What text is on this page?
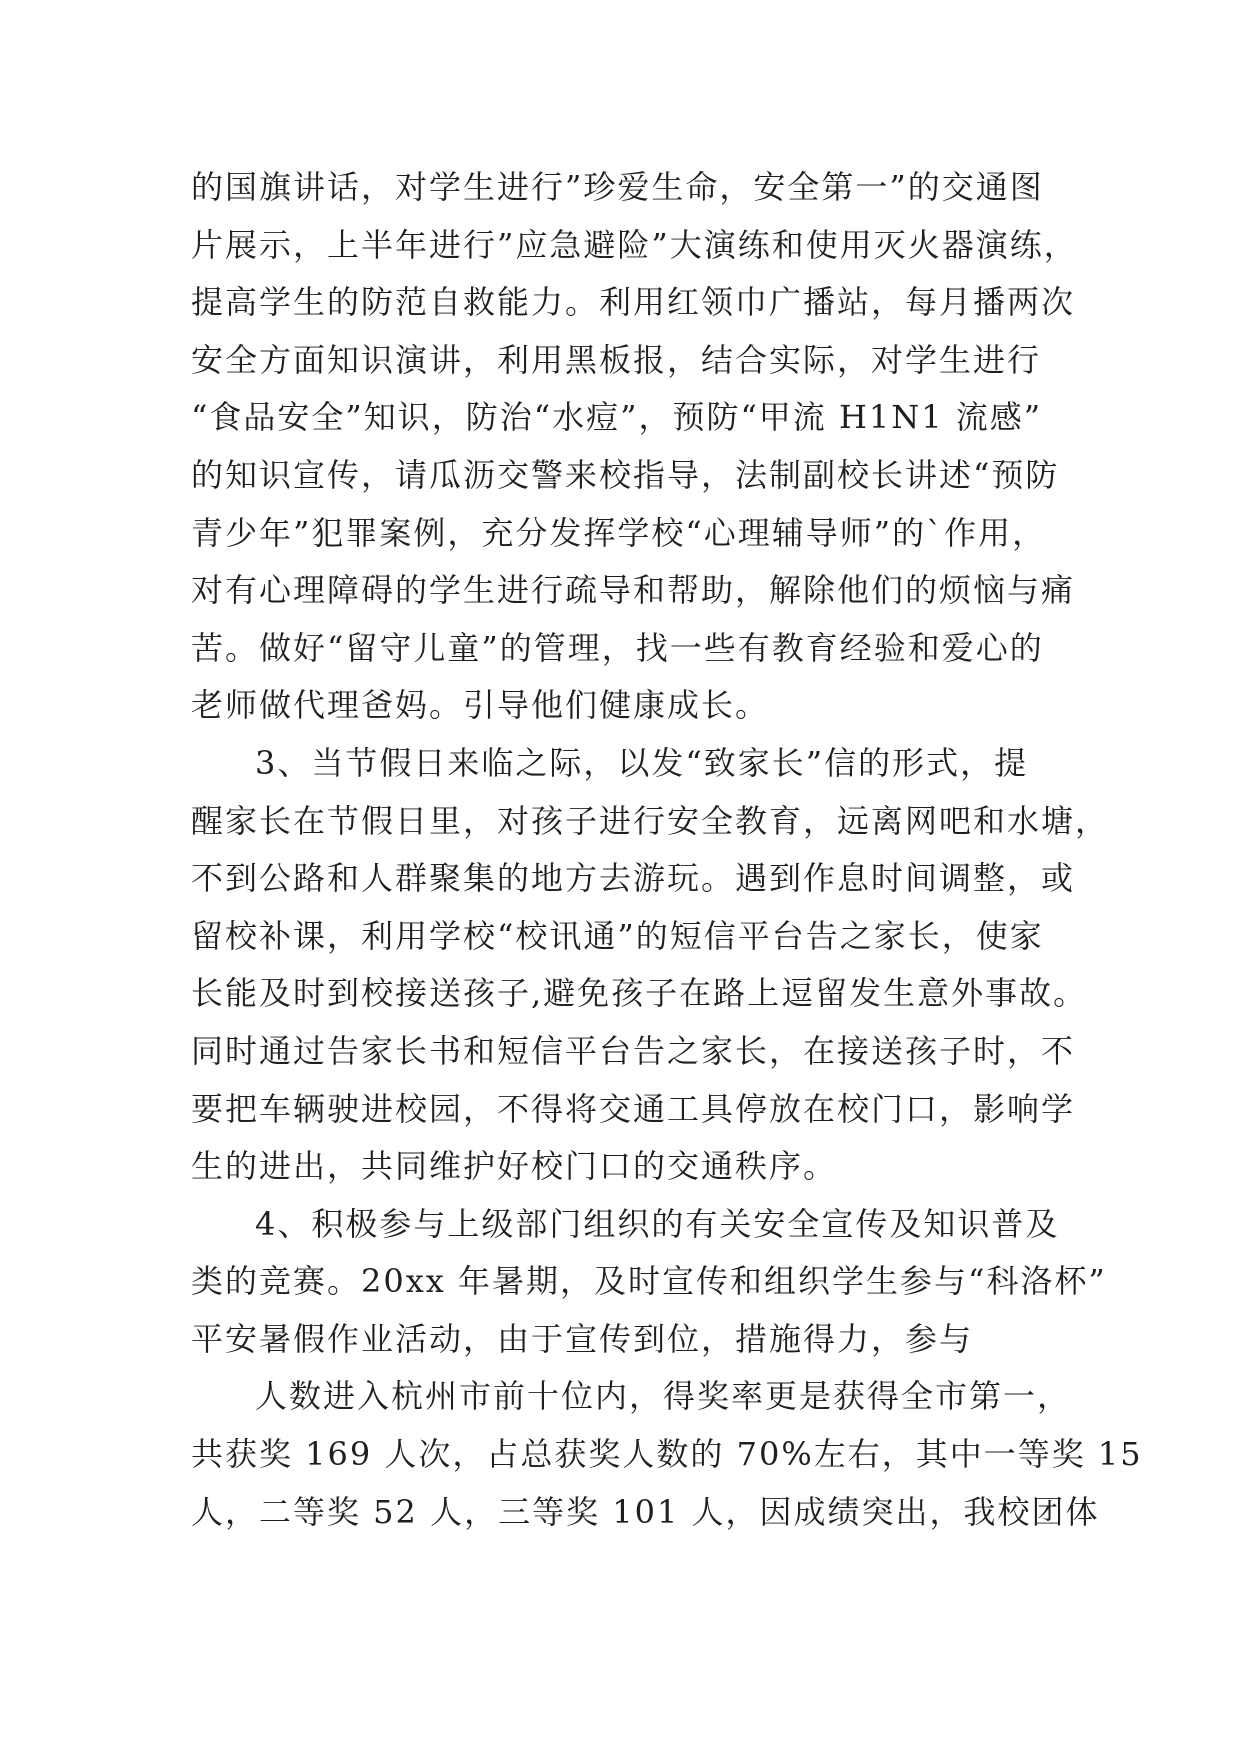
的国旗讲话，对学生进行”珍爱生命，安全第一”的交通图
片展示，上半年进行”应急避险”大演练和使用灭火器演练，
提高学生的防范自救能力。利用红领巾广播站，每月播两次
安全方面知识演讲，利用黑板报，结合实际，对学生进行
“食品安全”知识，防治“水痘”，预防“甲流 H1N1 流感”
的知识宣传，请瓜沥交警来校指导，法制副校长讲述“预防
青少年”犯罪案例，充分发挥学校“心理辅导师”的`作用，
对有心理障碍的学生进行疏导和帮助，解除他们的烦恼与痛
苦。做好“留守儿童”的管理，找一些有教育经验和爱心的
老师做代理爸妈。引导他们健康成长。
3、当节假日来临之际，以发“致家长”信的形式，提
醒家长在节假日里，对孩子进行安全教育，远离网吧和水塘，
不到公路和人群聚集的地方去游玩。遇到作息时间调整，或
留校补课，利用学校“校讯通”的短信平台告之家长，使家
长能及时到校接送孩子,避免孩子在路上逗留发生意外事故。
同时通过告家长书和短信平台告之家长，在接送孩子时，不
要把车辆驶进校园，不得将交通工具停放在校门口，影响学
生的进出，共同维护好校门口的交通秩序。
4、积极参与上级部门组织的有关安全宣传及知识普及
类的竞赛。20xx 年暑期，及时宣传和组织学生参与“科洛杯”
平安暑假作业活动，由于宣传到位，措施得力，参与
人数进入杭州市前十位内，得奖率更是获得全市第一，
共获奖 169 人次，占总获奖人数的 70%左右，其中一等奖 15
人，二等奖 52 人，三等奖 101 人，因成绩突出，我校团体
